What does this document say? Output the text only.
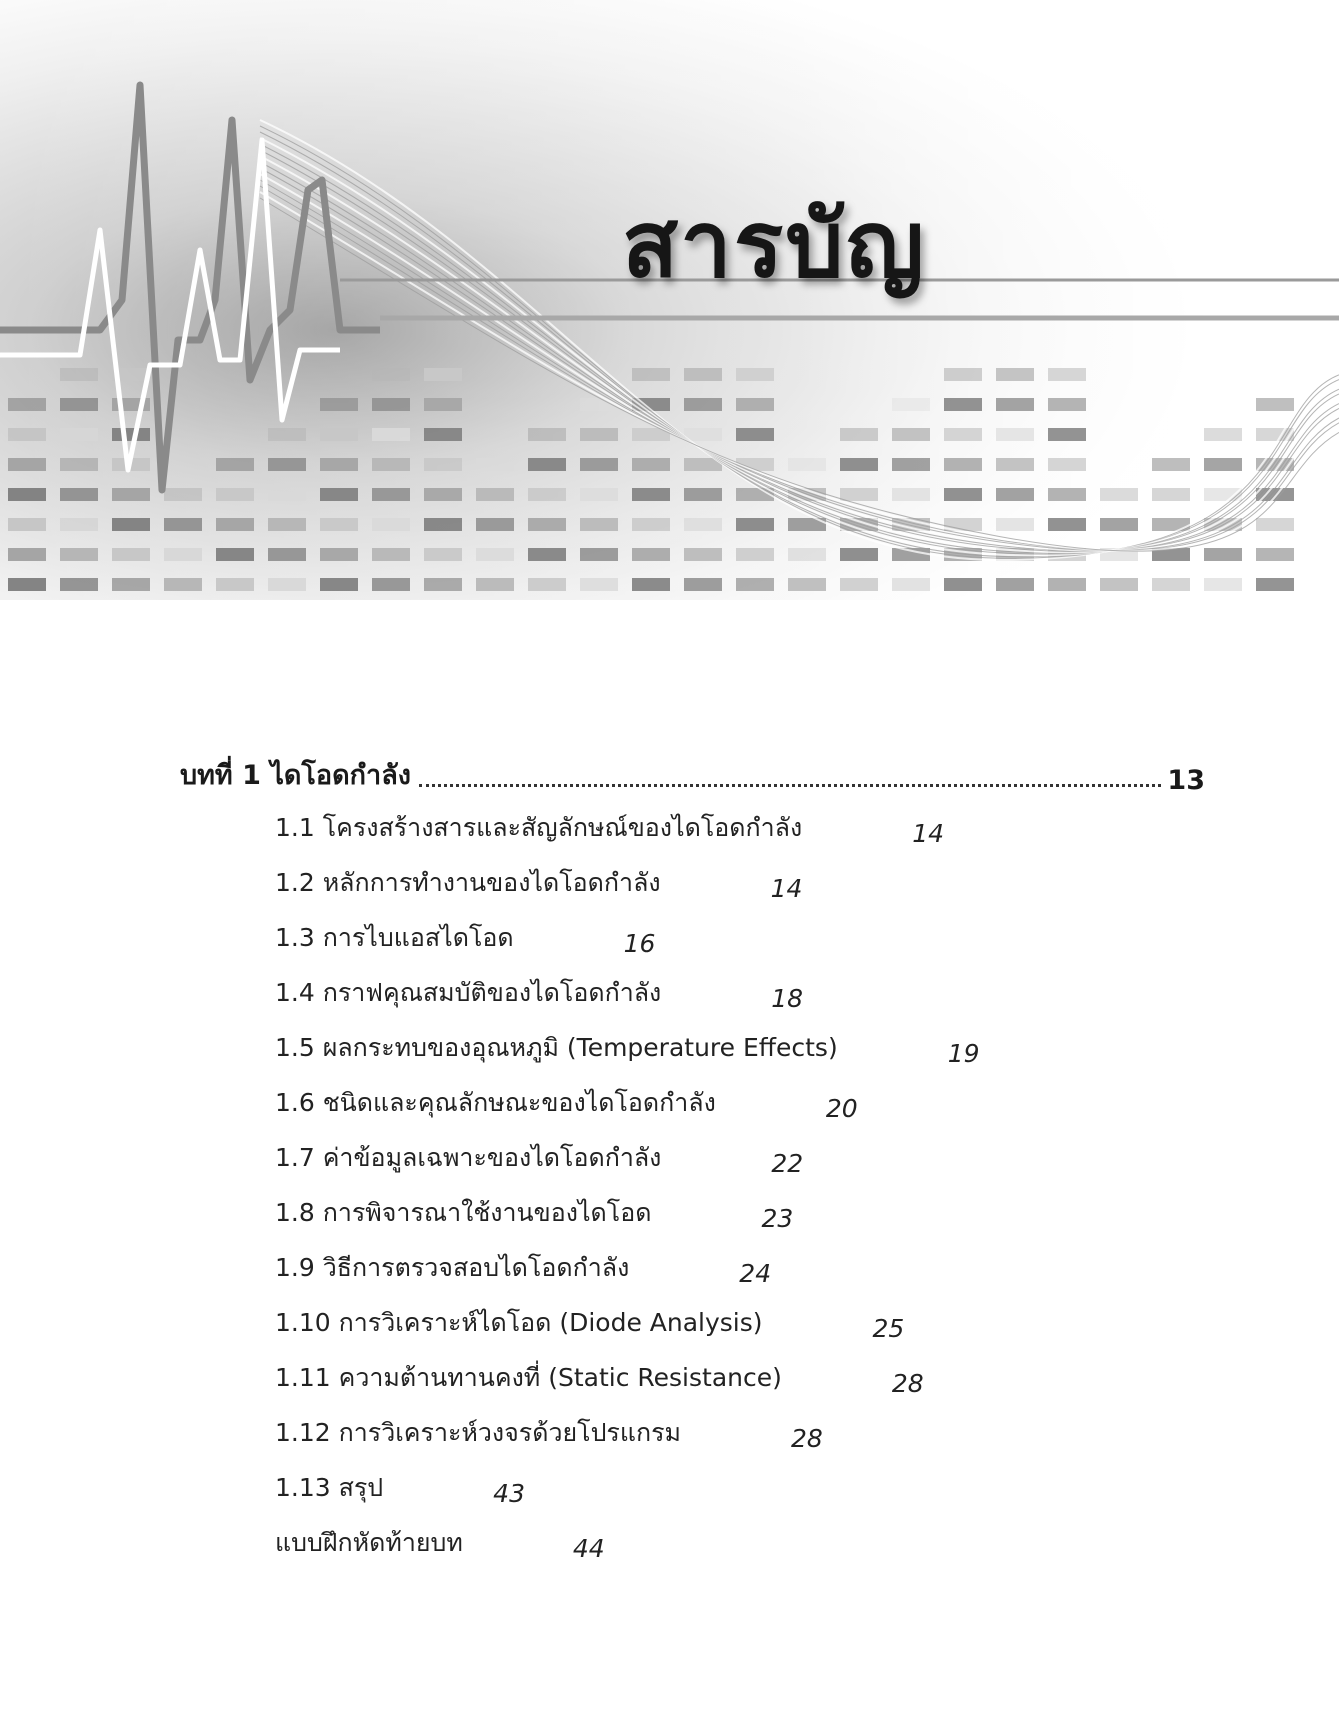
สารบัญ
บทที่ 1 ไดโอดกำลัง	13
1.1 โครงสร้างสารและสัญลักษณ์ของไดโอดกำลัง	14
1.2 หลักการทำงานของไดโอดกำลัง	14
1.3 การไบแอสไดโอด	16
1.4 กราฟคุณสมบัติของไดโอดกำลัง	18
1.5 ผลกระทบของอุณหภูมิ (Temperature Effects)	19
1.6 ชนิดและคุณลักษณะของไดโอดกำลัง	20
1.7 ค่าข้อมูลเฉพาะของไดโอดกำลัง	22
1.8 การพิจารณาใช้งานของไดโอด	23
1.9 วิธีการตรวจสอบไดโอดกำลัง	24
1.10 การวิเคราะห์ไดโอด (Diode Analysis)	25
1.11 ความต้านทานคงที่ (Static Resistance)	28
1.12 การวิเคราะห์วงจรด้วยโปรแกรม	28
1.13 สรุป	43
แบบฝึกหัดท้ายบท	44
